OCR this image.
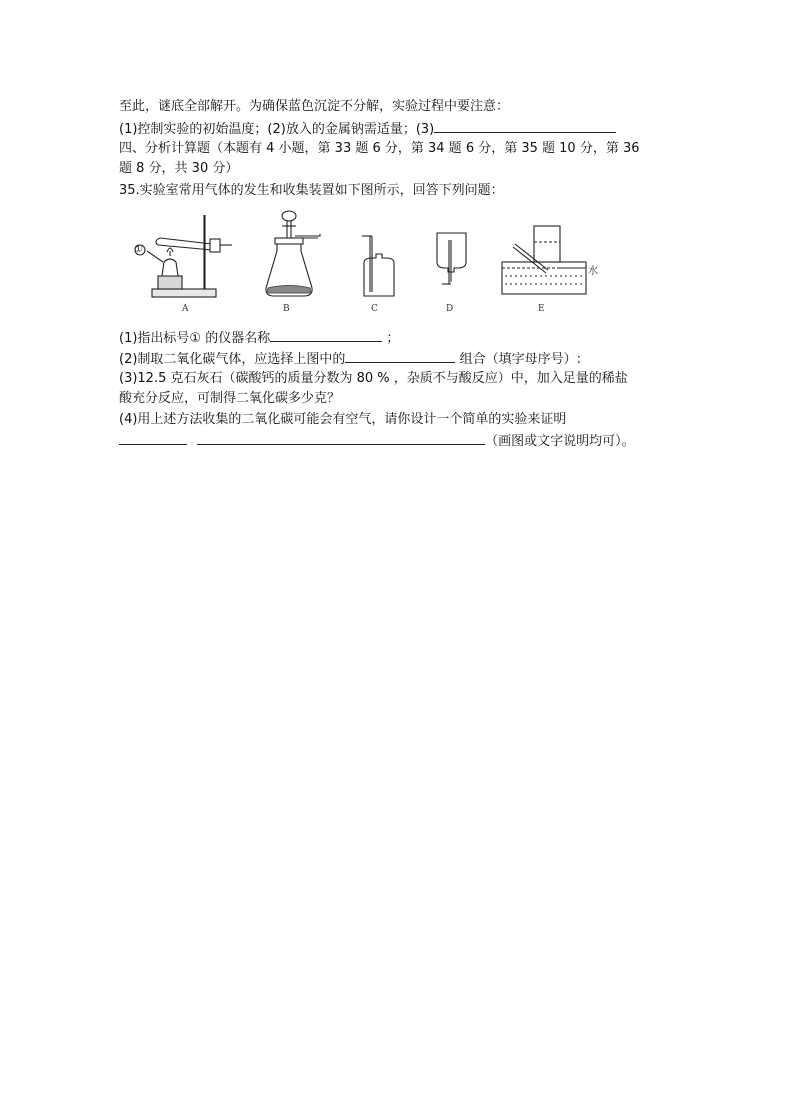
至此，谜底全部解开。为确保蓝色沉淀不分解，实验过程中要注意：
(1)控制实验的初始温度；(2)放入的金属钠需适量；(3)
四、分析计算题（本题有 4 小题，第 33 题 6 分，第 34 题 6 分，第 35 题 10 分，第 36
题 8 分，共 30 分）
35.实验室常用气体的发生和收集装置如下图所示，回答下列问题：
①
水
A	B	C	D	E
(1)指出标号① 的仪器名称	；
(2)制取二氧化碳气体，应选择上图中的	组合（填字母序号）:
(3)12.5 克石灰石（碳酸钙的质量分数为 80 % ，杂质不与酸反应）中，加入足量的稀盐
酸充分反应，可制得二氧化碳多少克？
(4)用上述方法收集的二氧化碳可能会有空气，请你设计一个简单的实验来证明
（画图或文字说明均可）。
